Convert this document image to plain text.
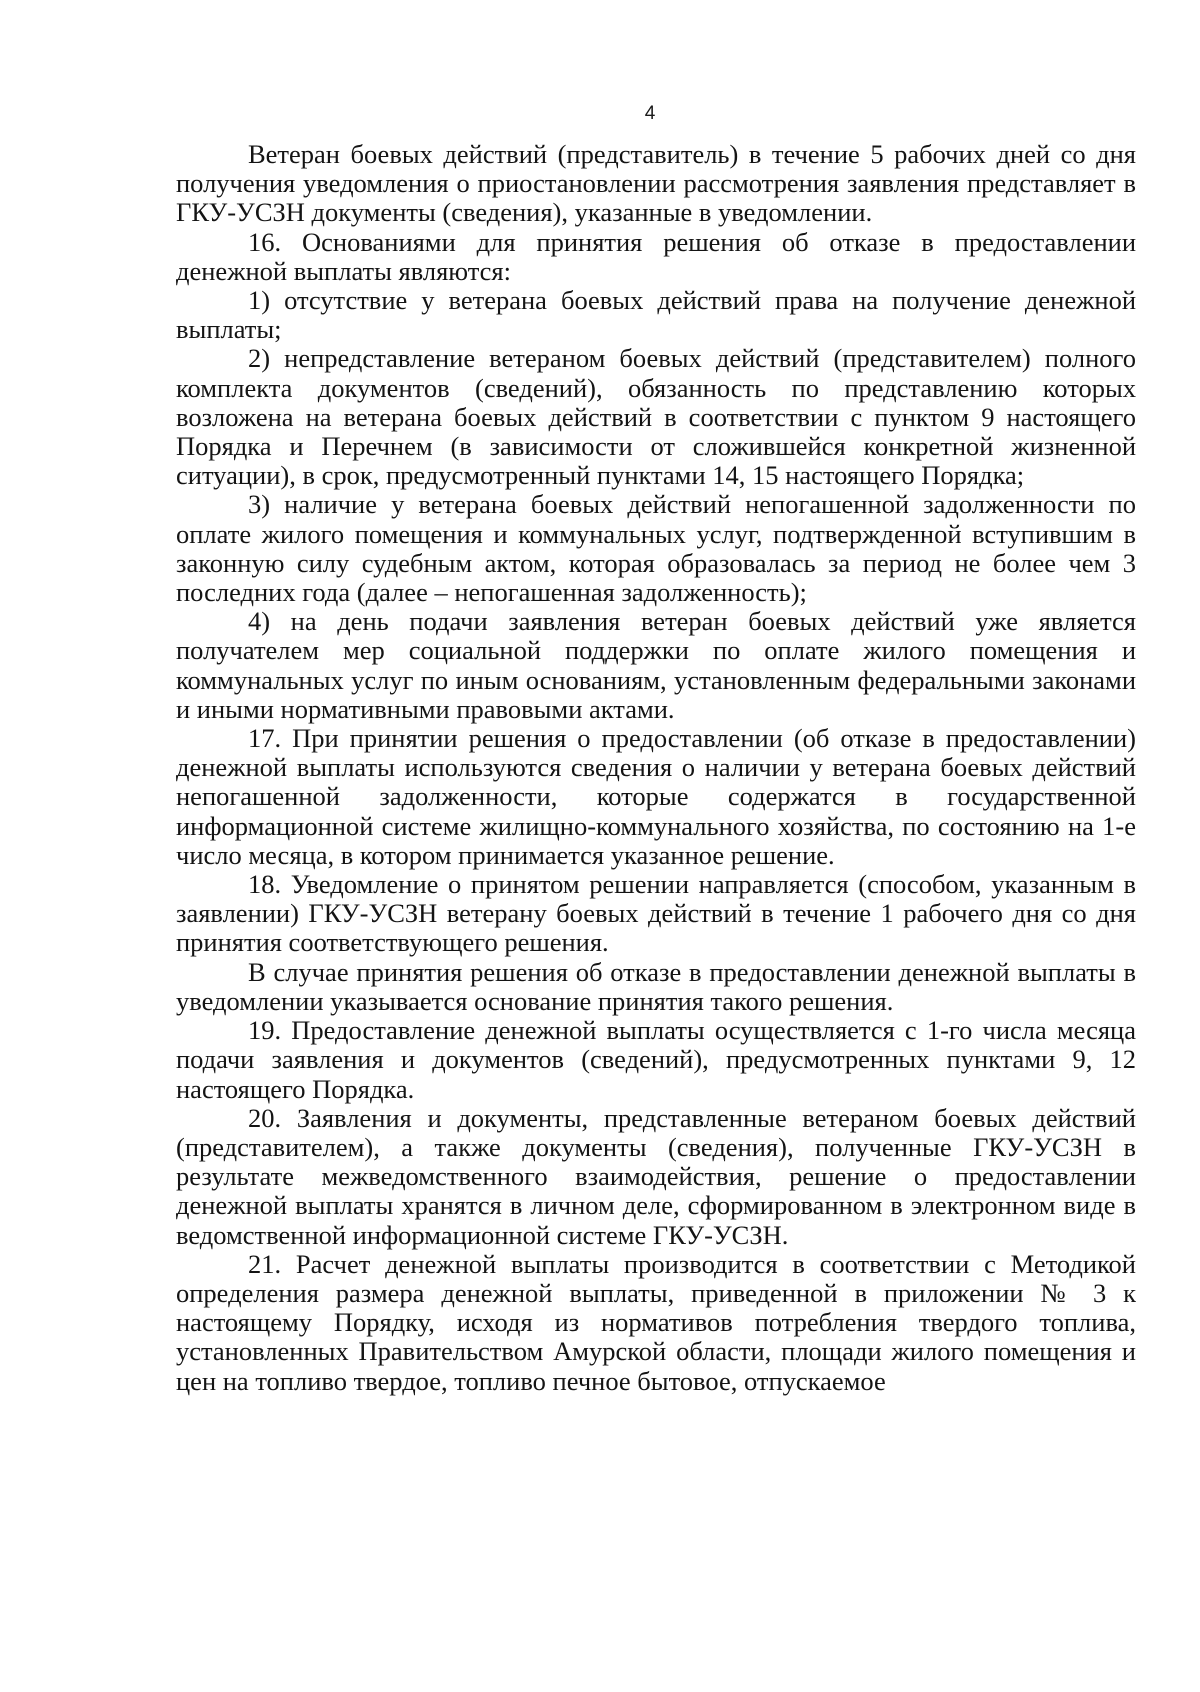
4

Ветеран боевых действий (представитель) в течение 5 рабочих дней со дня получения уведомления о приостановлении рассмотрения заявления представляет в ГКУ-УСЗН документы (сведения), указанные в уведомлении.

16. Основаниями для принятия решения об отказе в предоставлении денежной выплаты являются:

1) отсутствие у ветерана боевых действий права на получение денежной выплаты;

2) непредставление ветераном боевых действий (представителем) полного комплекта документов (сведений), обязанность по представлению которых возложена на ветерана боевых действий в соответствии с пунктом 9 настоящего Порядка и Перечнем (в зависимости от сложившейся конкретной жизненной ситуации), в срок, предусмотренный пунктами 14, 15 настоящего Порядка;

3) наличие у ветерана боевых действий непогашенной задолженности по оплате жилого помещения и коммунальных услуг, подтвержденной вступившим в законную силу судебным актом, которая образовалась за период не более чем 3 последних года (далее – непогашенная задолженность);

4) на день подачи заявления ветеран боевых действий уже является получателем мер социальной поддержки по оплате жилого помещения и коммунальных услуг по иным основаниям, установленным федеральными законами и иными нормативными правовыми актами.

17. При принятии решения о предоставлении (об отказе в предоставлении) денежной выплаты используются сведения о наличии у ветерана боевых действий непогашенной задолженности, которые содержатся в государственной информационной системе жилищно-коммунального хозяйства, по состоянию на 1-е число месяца, в котором принимается указанное решение.

18. Уведомление о принятом решении направляется (способом, указанным в заявлении) ГКУ-УСЗН ветерану боевых действий в течение 1 рабочего дня со дня принятия соответствующего решения.

В случае принятия решения об отказе в предоставлении денежной выплаты в уведомлении указывается основание принятия такого решения.

19. Предоставление денежной выплаты осуществляется с 1-го числа месяца подачи заявления и документов (сведений), предусмотренных пунктами 9, 12 настоящего Порядка.

20. Заявления и документы, представленные ветераном боевых действий (представителем), а также документы (сведения), полученные ГКУ-УСЗН в результате межведомственного взаимодействия, решение о предоставлении денежной выплаты хранятся в личном деле, сформированном в электронном виде в ведомственной информационной системе ГКУ-УСЗН.

21. Расчет денежной выплаты производится в соответствии с Методикой определения размера денежной выплаты, приведенной в приложении № 3 к настоящему Порядку, исходя из нормативов потребления твердого топлива, установленных Правительством Амурской области, площади жилого помещения и цен на топливо твердое, топливо печное бытовое, отпускаемое
